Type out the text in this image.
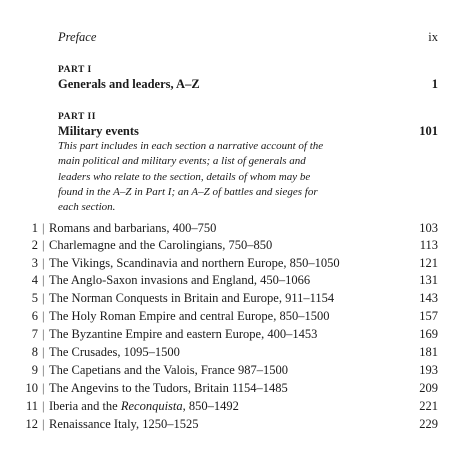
Preface	ix
PART I
Generals and leaders, A–Z	1
PART II
Military events	101
This part includes in each section a narrative account of the
main political and military events; a list of generals and
leaders who relate to the section, details of whom may be
found in the A–Z in Part I; an A–Z of battles and sieges for
each section.
1 | Romans and barbarians, 400–750	103
2 | Charlemagne and the Carolingians, 750–850	113
3 | The Vikings, Scandinavia and northern Europe, 850–1050	121
4 | The Anglo-Saxon invasions and England, 450–1066	131
5 | The Norman Conquests in Britain and Europe, 911–1154	143
6 | The Holy Roman Empire and central Europe, 850–1500	157
7 | The Byzantine Empire and eastern Europe, 400–1453	169
8 | The Crusades, 1095–1500	181
9 | The Capetians and the Valois, France 987–1500	193
10 | The Angevins to the Tudors, Britain 1154–1485	209
11 | Iberia and the Reconquista, 850–1492	221
12 | Renaissance Italy, 1250–1525	229
